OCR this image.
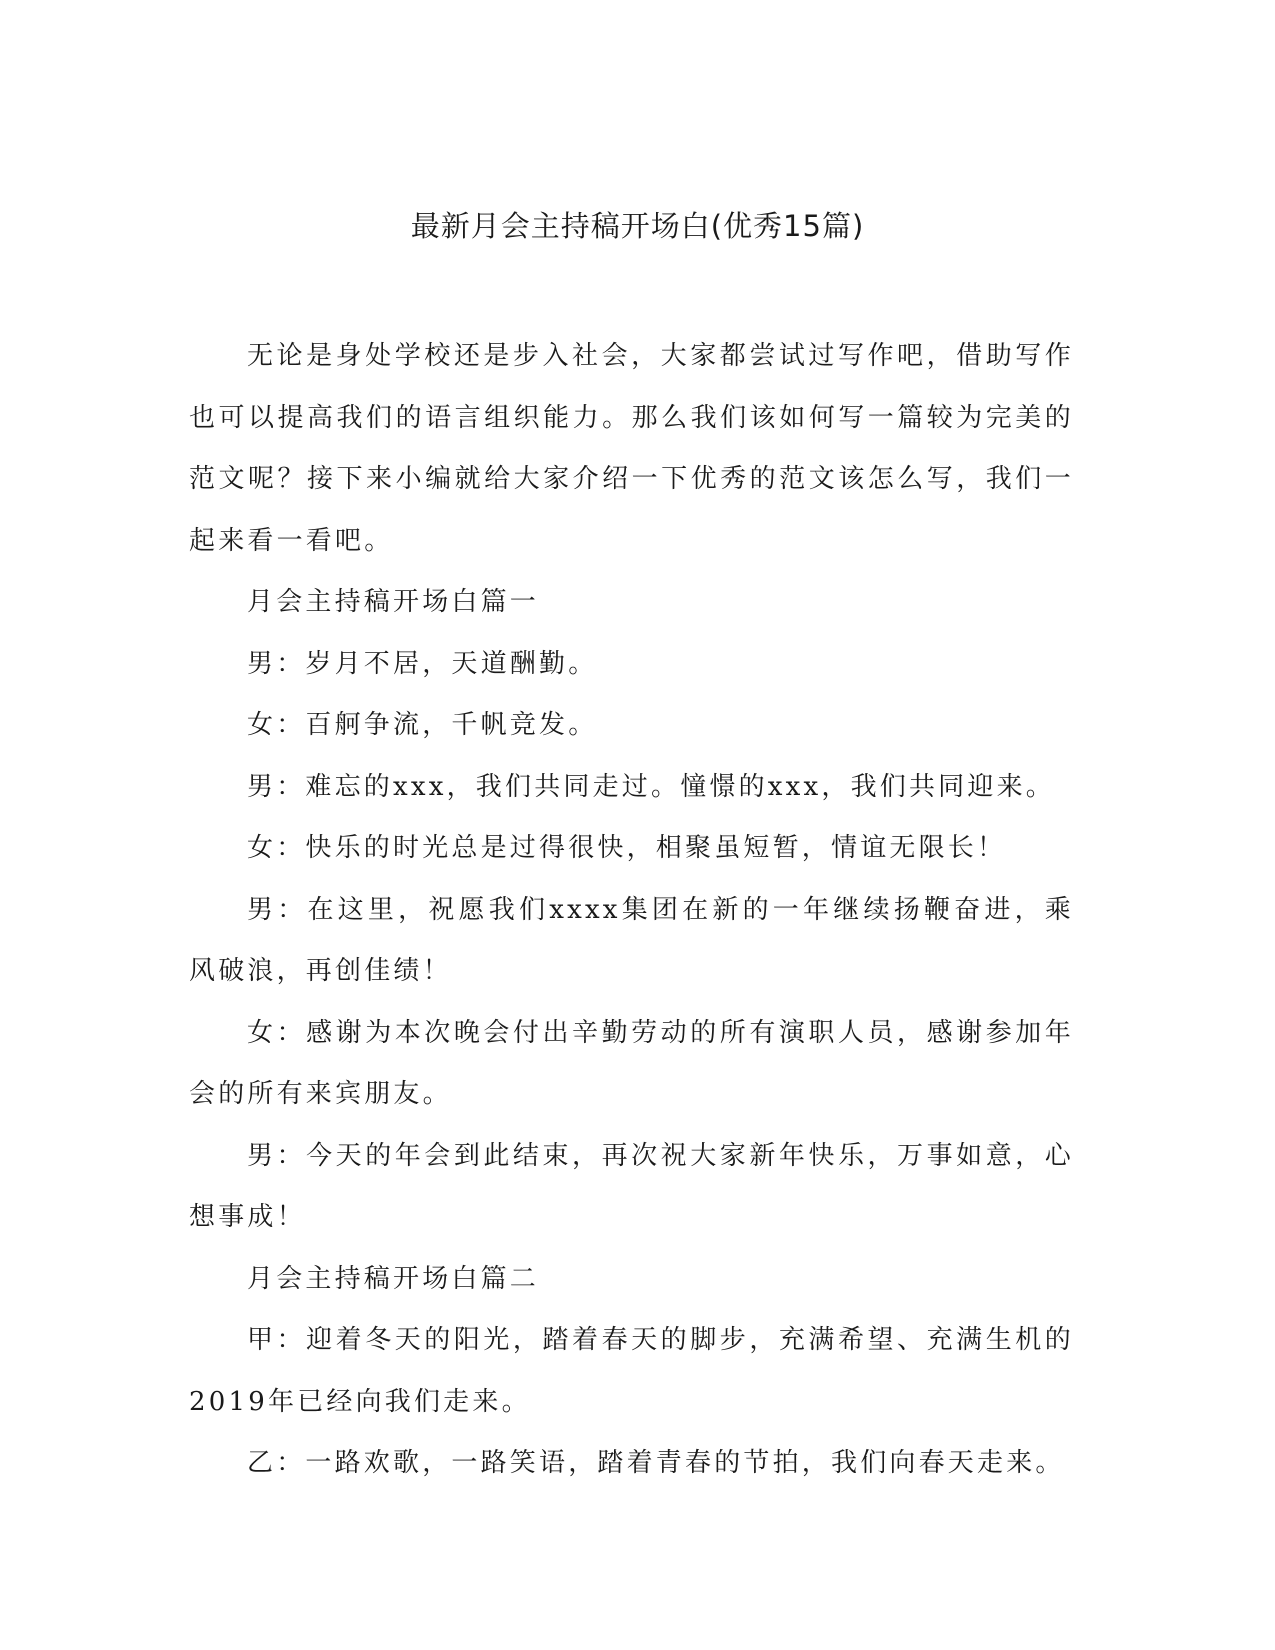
最新月会主持稿开场白(优秀15篇)

无论是身处学校还是步入社会，大家都尝试过写作吧，借助写作也可以提高我们的语言组织能力。那么我们该如何写一篇较为完美的范文呢？接下来小编就给大家介绍一下优秀的范文该怎么写，我们一起来看一看吧。

月会主持稿开场白篇一

男：岁月不居，天道酬勤。

女：百舸争流，千帆竞发。

男：难忘的xxx，我们共同走过。憧憬的xxx，我们共同迎来。

女：快乐的时光总是过得很快，相聚虽短暂，情谊无限长！

男：在这里，祝愿我们xxxx集团在新的一年继续扬鞭奋进，乘风破浪，再创佳绩！

女：感谢为本次晚会付出辛勤劳动的所有演职人员，感谢参加年会的所有来宾朋友。

男：今天的年会到此结束，再次祝大家新年快乐，万事如意，心想事成！

月会主持稿开场白篇二

甲：迎着冬天的阳光，踏着春天的脚步，充满希望、充满生机的2019年已经向我们走来。

乙：一路欢歌，一路笑语，踏着青春的节拍，我们向春天走来。
